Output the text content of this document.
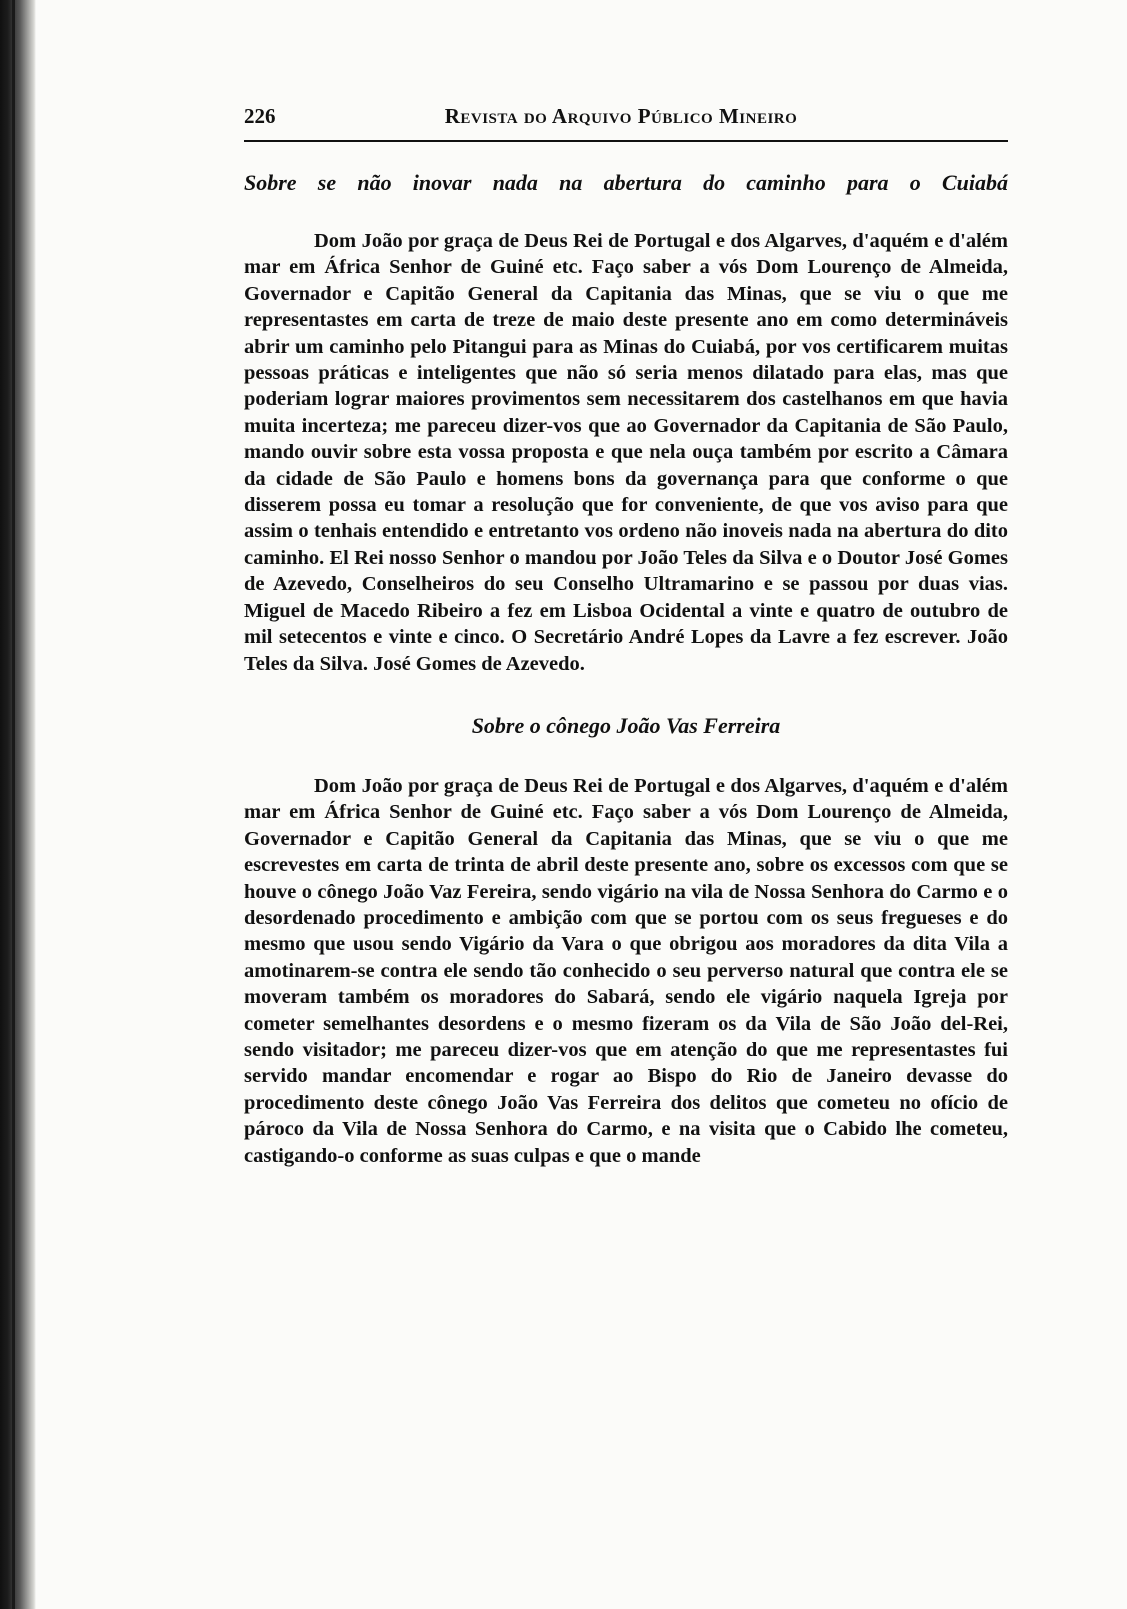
226	Revista do Arquivo Público Mineiro
Sobre se não inovar nada na abertura do caminho para o Cuiabá

Dom João por graça de Deus Rei de Portugal e dos Algarves, d'aquém e d'além mar em África Senhor de Guiné etc. Faço saber a vós Dom Lourenço de Almeida, Governador e Capitão General da Capitania das Minas, que se viu o que me representastes em carta de treze de maio deste presente ano em como determináveis abrir um caminho pelo Pitangui para as Minas do Cuiabá, por vos certificarem muitas pessoas práticas e inteligentes que não só seria menos dilatado para elas, mas que poderiam lograr maiores provimentos sem necessitarem dos castelhanos em que havia muita incerteza; me pareceu dizer-vos que ao Governador da Capitania de São Paulo, mando ouvir sobre esta vossa proposta e que nela ouça também por escrito a Câmara da cidade de São Paulo e homens bons da governança para que conforme o que disserem possa eu tomar a resolução que for conveniente, de que vos aviso para que assim o tenhais entendido e entretanto vos ordeno não inoveis nada na abertura do dito caminho. El Rei nosso Senhor o mandou por João Teles da Silva e o Doutor José Gomes de Azevedo, Conselheiros do seu Conselho Ultramarino e se passou por duas vias. Miguel de Macedo Ribeiro a fez em Lisboa Ocidental a vinte e quatro de outubro de mil setecentos e vinte e cinco. O Secretário André Lopes da Lavre a fez escrever. João Teles da Silva. José Gomes de Azevedo.

Sobre o cônego João Vas Ferreira

Dom João por graça de Deus Rei de Portugal e dos Algarves, d'aquém e d'além mar em África Senhor de Guiné etc. Faço saber a vós Dom Lourenço de Almeida, Governador e Capitão General da Capitania das Minas, que se viu o que me escrevestes em carta de trinta de abril deste presente ano, sobre os excessos com que se houve o cônego João Vaz Fereira, sendo vigário na vila de Nossa Senhora do Carmo e o desordenado procedimento e ambição com que se portou com os seus fregueses e do mesmo que usou sendo Vigário da Vara o que obrigou aos moradores da dita Vila a amotinarem-se contra ele sendo tão conhecido o seu perverso natural que contra ele se moveram também os moradores do Sabará, sendo ele vigário naquela Igreja por cometer semelhantes desordens e o mesmo fizeram os da Vila de São João del-Rei, sendo visitador; me pareceu dizer-vos que em atenção do que me representastes fui servido mandar encomendar e rogar ao Bispo do Rio de Janeiro devasse do procedimento deste cônego João Vas Ferreira dos delitos que cometeu no ofício de pároco da Vila de Nossa Senhora do Carmo, e na visita que o Cabido lhe cometeu, castigando-o conforme as suas culpas e que o mande
